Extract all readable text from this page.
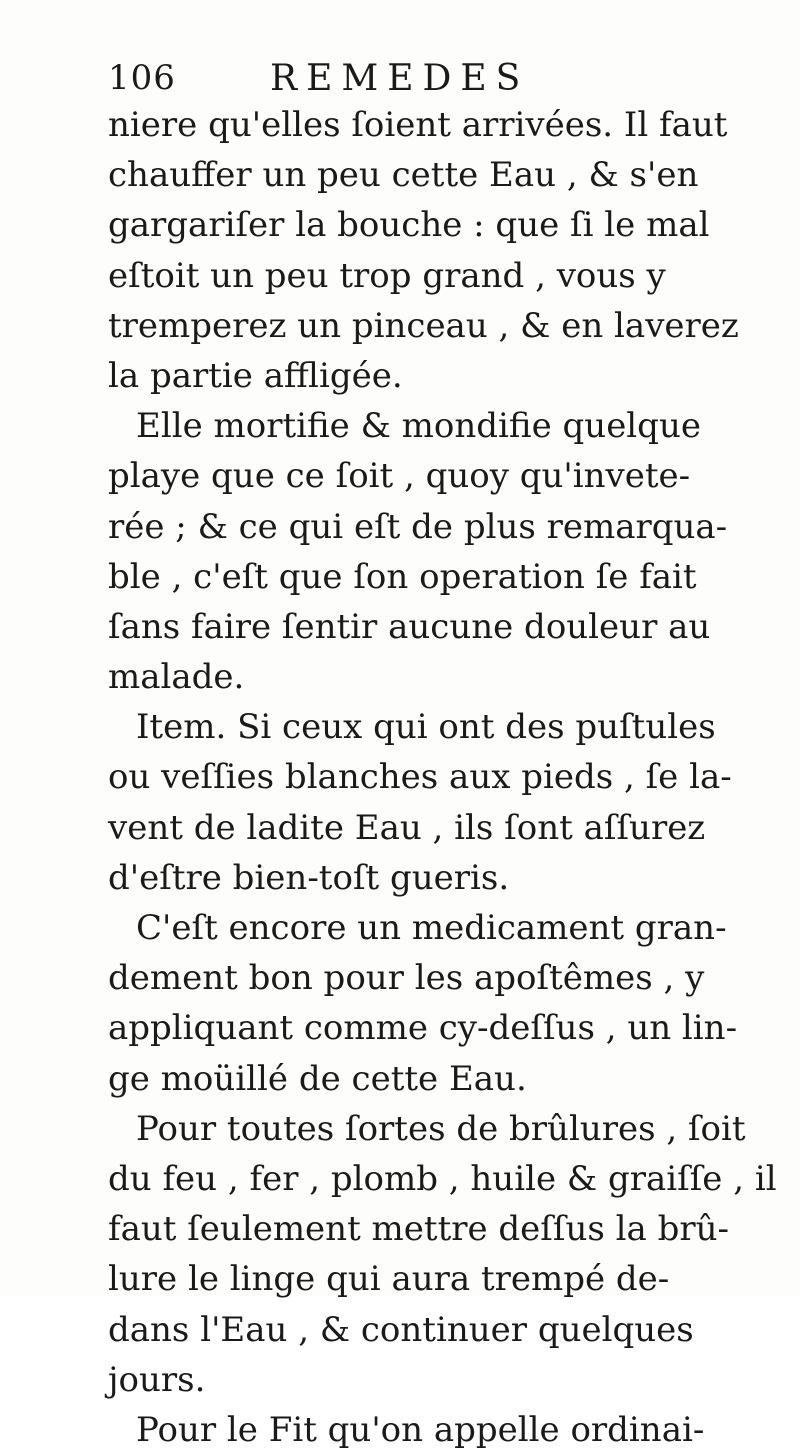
106	REMEDES
niere qu'elles ſoient arrivées. Il faut
chauffer un peu cette Eau , & s'en
gargariſer la bouche : que ſi le mal
eſtoit un peu trop grand , vous y
tremperez un pinceau , & en laverez
la partie affligée.
Elle mortifie & mondifie quelque
playe que ce ſoit , quoy qu'invete-
rée ; & ce qui eſt de plus remarqua-
ble , c'eſt que ſon operation ſe fait
ſans faire ſentir aucune douleur au
malade.
Item. Si ceux qui ont des puſtules
ou veſſies blanches aux pieds , ſe la-
vent de ladite Eau , ils ſont aſſurez
d'eſtre bien-toſt gueris.
C'eſt encore un medicament gran-
dement bon pour les apoſtêmes , y
appliquant comme cy-deſſus , un lin-
ge moüillé de cette Eau.
Pour toutes ſortes de brûlures , ſoit
du feu , fer , plomb , huile & graiſſe , il
faut ſeulement mettre deſſus la brû-
lure le linge qui aura trempé de-
dans l'Eau , & continuer quelques
jours.
Pour le Fit qu'on appelle ordinai-
